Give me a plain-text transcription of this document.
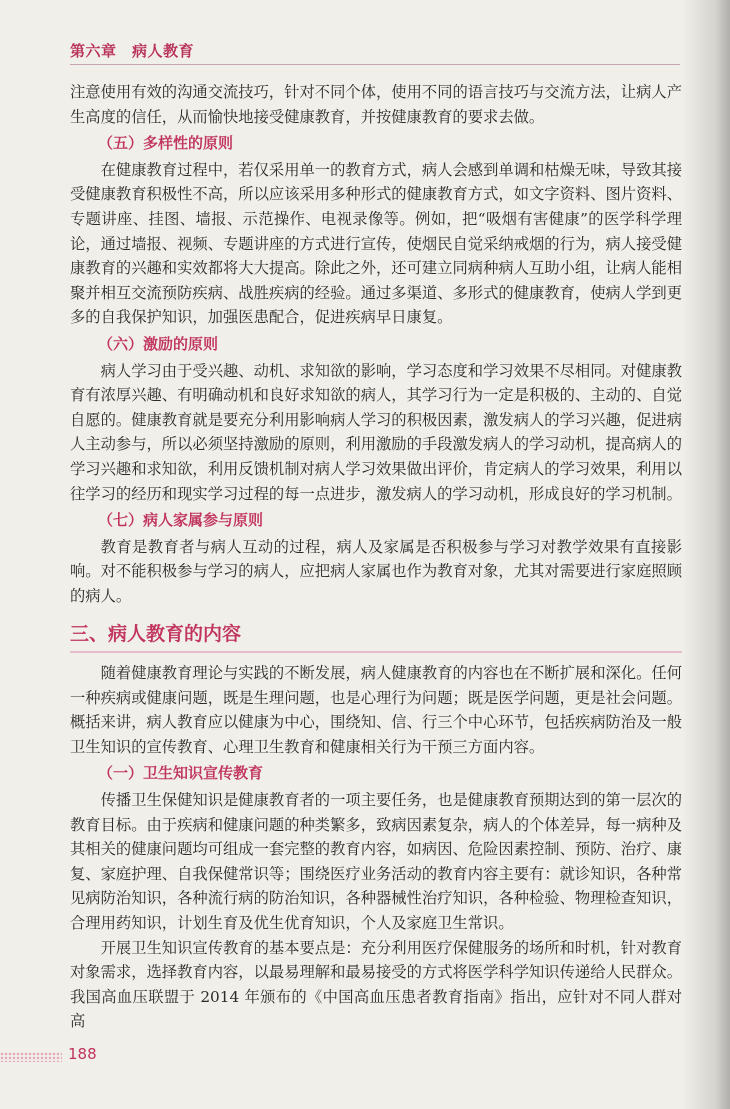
第六章　病人教育

注意使用有效的沟通交流技巧，针对不同个体，使用不同的语言技巧与交流方法，让病人产生高度的信任，从而愉快地接受健康教育，并按健康教育的要求去做。

（五）多样性的原则

在健康教育过程中，若仅采用单一的教育方式，病人会感到单调和枯燥无味，导致其接受健康教育积极性不高，所以应该采用多种形式的健康教育方式，如文字资料、图片资料、专题讲座、挂图、墙报、示范操作、电视录像等。例如，把“吸烟有害健康”的医学科学理论，通过墙报、视频、专题讲座的方式进行宣传，使烟民自觉采纳戒烟的行为，病人接受健康教育的兴趣和实效都将大大提高。除此之外，还可建立同病种病人互助小组，让病人能相聚并相互交流预防疾病、战胜疾病的经验。通过多渠道、多形式的健康教育，使病人学到更多的自我保护知识，加强医患配合，促进疾病早日康复。

（六）激励的原则

病人学习由于受兴趣、动机、求知欲的影响，学习态度和学习效果不尽相同。对健康教育有浓厚兴趣、有明确动机和良好求知欲的病人，其学习行为一定是积极的、主动的、自觉自愿的。健康教育就是要充分利用影响病人学习的积极因素，激发病人的学习兴趣，促进病人主动参与，所以必须坚持激励的原则，利用激励的手段激发病人的学习动机，提高病人的学习兴趣和求知欲，利用反馈机制对病人学习效果做出评价，肯定病人的学习效果，利用以往学习的经历和现实学习过程的每一点进步，激发病人的学习动机，形成良好的学习机制。

（七）病人家属参与原则

教育是教育者与病人互动的过程，病人及家属是否积极参与学习对教学效果有直接影响。对不能积极参与学习的病人，应把病人家属也作为教育对象，尤其对需要进行家庭照顾的病人。

三、病人教育的内容

随着健康教育理论与实践的不断发展，病人健康教育的内容也在不断扩展和深化。任何一种疾病或健康问题，既是生理问题，也是心理行为问题；既是医学问题，更是社会问题。概括来讲，病人教育应以健康为中心，围绕知、信、行三个中心环节，包括疾病防治及一般卫生知识的宣传教育、心理卫生教育和健康相关行为干预三方面内容。

（一）卫生知识宣传教育

传播卫生保健知识是健康教育者的一项主要任务，也是健康教育预期达到的第一层次的教育目标。由于疾病和健康问题的种类繁多，致病因素复杂，病人的个体差异，每一病种及其相关的健康问题均可组成一套完整的教育内容，如病因、危险因素控制、预防、治疗、康复、家庭护理、自我保健常识等；围绕医疗业务活动的教育内容主要有：就诊知识，各种常见病防治知识，各种流行病的防治知识，各种器械性治疗知识，各种检验、物理检查知识，合理用药知识，计划生育及优生优育知识，个人及家庭卫生常识。

开展卫生知识宣传教育的基本要点是：充分利用医疗保健服务的场所和时机，针对教育对象需求，选择教育内容，以最易理解和最易接受的方式将医学科学知识传递给人民群众。我国高血压联盟于 2014 年颁布的《中国高血压患者教育指南》指出，应针对不同人群对高

188
